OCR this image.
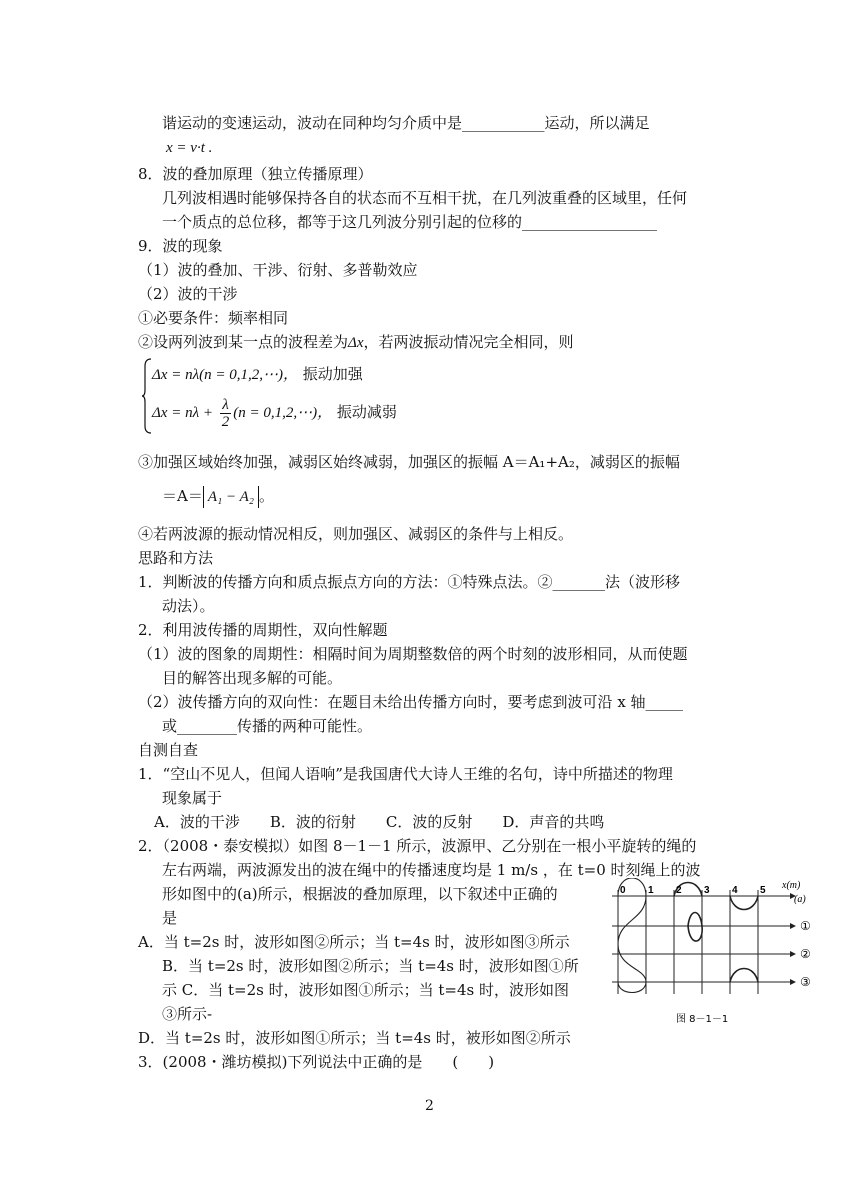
谐运动的变速运动，波动在同种均匀介质中是___________运动，所以满足
x = v·t .
8．波的叠加原理（独立传播原理）
几列波相遇时能够保持各自的状态而不互相干扰，在几列波重叠的区域里，任何
一个质点的总位移，都等于这几列波分别引起的位移的__________________
9．波的现象
（1）波的叠加、干涉、衍射、多普勒效应
（2）波的干涉
①必要条件：频率相同
②设两列波到某一点的波程差为Δx，若两波振动情况完全相同，则
Δx = nλ(n = 0,1,2,⋯)， 振动加强
$\Delta x = n\lambda + \frac{\lambda}{2} (n$ = 0,1,2,⋯)， 振动减弱
③加强区域始终加强，减弱区始终减弱，加强区的振幅 A＝A₁+A₂，减弱区的振幅
＝A＝ A₁ − A₂ 。
④若两波源的振动情况相反，则加强区、减弱区的条件与上相反。
思路和方法
1．判断波的传播方向和质点振点方向的方法：①特殊点法。②_______法（波形移
动法）。
2．利用波传播的周期性，双向性解题
（1）波的图象的周期性：相隔时间为周期整数倍的两个时刻的波形相同，从而使题
目的解答出现多解的可能。
（2）波传播方向的双向性：在题目未给出传播方向时，要考虑到波可沿 x 轴_____
或________传播的两种可能性。
自测自查
1．“空山不见人，但闻人语响”是我国唐代大诗人王维的名句，诗中所描述的物理
现象属于
A．波的干涉　　B．波的衍射　　C．波的反射　　D．声音的共鸣
2．（2008・泰安模拟）如图 8－1－1 所示，波源甲、乙分别在一根小平旋转的绳的
左右两端，两波源发出的波在绳中的传播速度均是 1 m/s ，在 t=0 时刻绳上的波
形如图中的(a)所示，根据波的叠加原理，以下叙述中正确的
是
A．当 t=2s 时，波形如图②所示；当 t=4s 时，波形如图③所示
B．当 t=2s 时，波形如图②所示；当 t=4s 时，波形如图①所
示 C．当 t=2s 时，波形如图①所示；当 t=4s 时，波形如图
③所示-
D．当 t=2s 时，波形如图①所示；当 t=4s 时，被形如图②所示
3．(2008・潍坊模拟)下列说法中正确的是　　(　　)
x(m)
(a)
0 1 2 3 4 5
①
②
③
图 8－1－1
2
